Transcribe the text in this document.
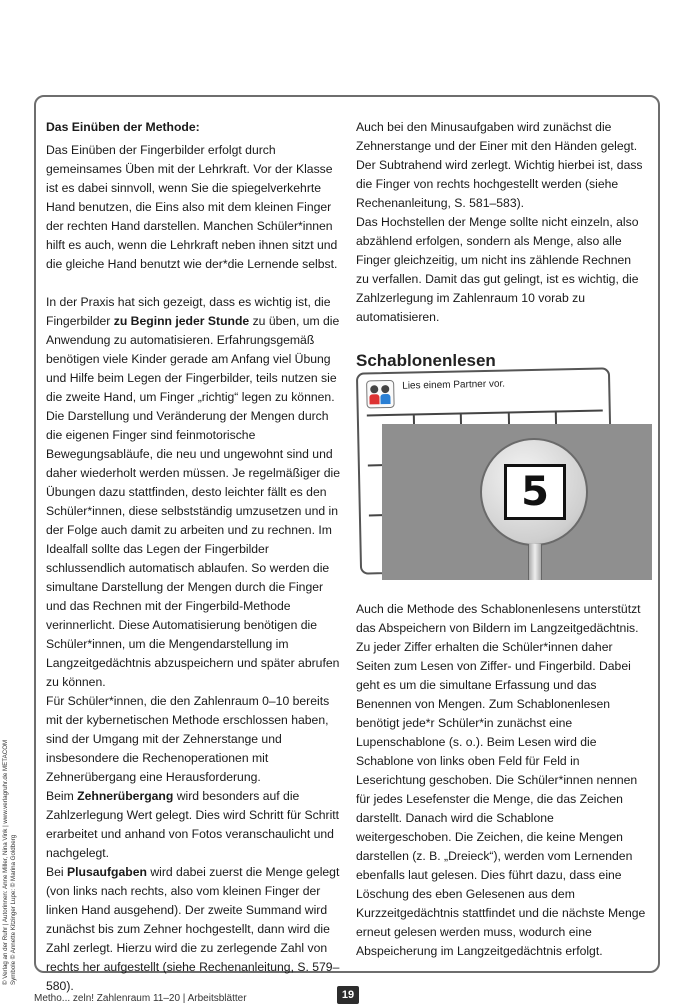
Das Einüben der Methode:

Das Einüben der Fingerbilder erfolgt durch gemeinsames Üben mit der Lehrkraft. Vor der Klasse ist es dabei sinnvoll, wenn Sie die spiegelverkehrte Hand benutzen, die Eins also mit dem kleinen Finger der rechten Hand darstellen. Manchen Schüler*innen hilft es auch, wenn die Lehrkraft neben ihnen sitzt und die gleiche Hand benutzt wie der*die Lernende selbst.

In der Praxis hat sich gezeigt, dass es wichtig ist, die Fingerbilder zu Beginn jeder Stunde zu üben, um die Anwendung zu automatisieren. Erfahrungsgemäß benötigen viele Kinder gerade am Anfang viel Übung und Hilfe beim Legen der Fingerbilder, teils nutzen sie die zweite Hand, um Finger „richtig“ legen zu können. Die Darstellung und Veränderung der Mengen durch die eigenen Finger sind feinmotorische Bewegungsabläufe, die neu und ungewohnt sind und daher wiederholt werden müssen. Je regelmäßiger die Übungen dazu stattfinden, desto leichter fällt es den Schüler*innen, diese selbstständig umzusetzen und in der Folge auch damit zu arbeiten und zu rechnen. Im Idealfall sollte das Legen der Fingerbilder schlussendlich automatisch ablaufen. So werden die simultane Darstellung der Mengen durch die Finger und das Rechnen mit der Fingerbild-Methode verinnerlicht. Diese Automatisierung benötigen die Schüler*innen, um die Mengendarstellung im Langzeitgedächtnis abzuspeichern und später abrufen zu können.

Für Schüler*innen, die den Zahlenraum 0–10 bereits mit der kybernetischen Methode erschlossen haben, sind der Umgang mit der Zehnerstange und insbesondere die Rechenoperationen mit Zehnerübergang eine Herausforderung.

Beim Zehnerübergang wird besonders auf die Zahlzerlegung Wert gelegt. Dies wird Schritt für Schritt erarbeitet und anhand von Fotos veranschaulicht und nachgelegt.

Bei Plusaufgaben wird dabei zuerst die Menge gelegt (von links nach rechts, also vom kleinen Finger der linken Hand ausgehend). Der zweite Summand wird zunächst bis zum Zehner hochgestellt, dann wird die Zahl zerlegt. Hierzu wird die zu zerlegende Zahl von rechts her aufgestellt (siehe Rechenanleitung, S. 579–580).

Auch bei den Minusaufgaben wird zunächst die Zehnerstange und der Einer mit den Händen gelegt. Der Subtrahend wird zerlegt. Wichtig hierbei ist, dass die Finger von rechts hochgestellt werden (siehe Rechenanleitung, S. 581–583).

Das Hochstellen der Menge sollte nicht einzeln, also abzählend erfolgen, sondern als Menge, also alle Finger gleichzeitig, um nicht ins zählende Rechnen zu verfallen. Damit das gut gelingt, ist es wichtig, die Zahlzerlegung im Zahlenraum 10 vorab zu automatisieren.

Schablonenlesen

Lies einem Partner vor.
5

Auch die Methode des Schablonenlesens unterstützt das Abspeichern von Bildern im Langzeitgedächtnis. Zu jeder Ziffer erhalten die Schüler*innen daher Seiten zum Lesen von Ziffer- und Fingerbild. Dabei geht es um die simultane Erfassung und das Benennen von Mengen. Zum Schablonenlesen benötigt jede*r Schüler*in zunächst eine Lupenschablone (s. o.). Beim Lesen wird die Schablone von links oben Feld für Feld in Leserichtung geschoben. Die Schüler*innen nennen für jedes Lesefenster die Menge, die das Zeichen darstellt. Danach wird die Schablone weitergeschoben. Die Zeichen, die keine Mengen darstellen (z. B. „Dreieck“), werden vom Lernenden ebenfalls laut gelesen. Dies führt dazu, dass eine Löschung des eben Gelesenen aus dem Kurzzeitgedächtnis stattfindet und die nächste Menge erneut gelesen werden muss, wodurch eine Abspeicherung im Langzeitgedächtnis erfolgt.

© Verlag an der Ruhr | Autorinnen: Anne Miller, Nina Vink | www.verlagruhr.de METACOM Symbole © Annette Kitzinger Lupe: © Marina Goldberg
Metho... zeln! Zahlenraum 11–20 | Arbeitsblätter	19
